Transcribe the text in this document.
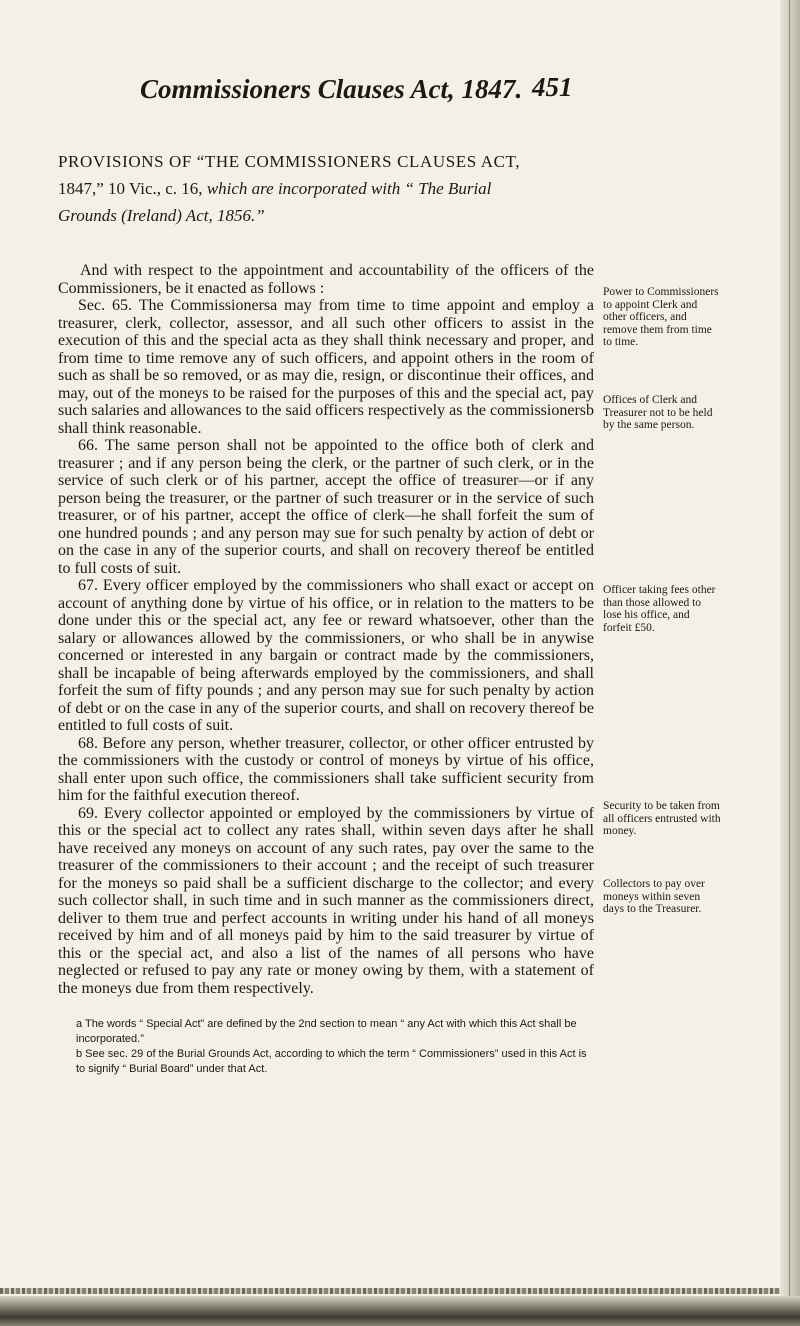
Commissioners Clauses Act, 1847. 451
PROVISIONS OF “THE COMMISSIONERS CLAUSES ACT,
1847,” 10 Vic., c. 16, which are incorporated with “ The Burial
Grounds (Ireland) Act, 1856.”

And with respect to the appointment and accountability of the officers of the Commissioners, be it enacted as follows :

Sec. 65. The Commissionersa may from time to time appoint and employ a treasurer, clerk, collector, assessor, and all such other officers to assist in the execution of this and the special acta as they shall think necessary and proper, and from time to time remove any of such officers, and appoint others in the room of such as shall be so removed, or as may die, resign, or discontinue their offices, and may, out of the moneys to be raised for the purposes of this and the special act, pay such salaries and allowances to the said officers respectively as the commissionersb shall think reasonable.

66. The same person shall not be appointed to the office both of clerk and treasurer ; and if any person being the clerk, or the partner of such clerk, or in the service of such clerk or of his partner, accept the office of treasurer—or if any person being the treasurer, or the partner of such treasurer or in the service of such treasurer, or of his partner, accept the office of clerk—he shall forfeit the sum of one hundred pounds ; and any person may sue for such penalty by action of debt or on the case in any of the superior courts, and shall on recovery thereof be entitled to full costs of suit.

67. Every officer employed by the commissioners who shall exact or accept on account of anything done by virtue of his office, or in relation to the matters to be done under this or the special act, any fee or reward whatsoever, other than the salary or allowances allowed by the commissioners, or who shall be in anywise concerned or interested in any bargain or contract made by the commissioners, shall be incapable of being afterwards employed by the commissioners, and shall forfeit the sum of fifty pounds ; and any person may sue for such penalty by action of debt or on the case in any of the superior courts, and shall on recovery thereof be entitled to full costs of suit.

68. Before any person, whether treasurer, collector, or other officer entrusted by the commissioners with the custody or control of moneys by virtue of his office, shall enter upon such office, the commissioners shall take sufficient security from him for the faithful execution thereof.

69. Every collector appointed or employed by the commissioners by virtue of this or the special act to collect any rates shall, within seven days after he shall have received any moneys on account of any such rates, pay over the same to the treasurer of the commissioners to their account ; and the receipt of such treasurer for the moneys so paid shall be a sufficient discharge to the collector; and every such collector shall, in such time and in such manner as the commissioners direct, deliver to them true and perfect accounts in writing under his hand of all moneys received by him and of all moneys paid by him to the said treasurer by virtue of this or the special act, and also a list of the names of all persons who have neglected or refused to pay any rate or money owing by them, with a statement of the moneys due from them respectively.

Power to Commissioners to appoint Clerk and other officers, and remove them from time to time.
Offices of Clerk and Treasurer not to be held by the same person.
Officer taking fees other than those allowed to lose his office, and forfeit £50.
Security to be taken from all officers entrusted with money.
Collectors to pay over moneys within seven days to the Treasurer.

a The words “ Special Act” are defined by the 2nd section to mean “ any Act with which this Act shall be incorporated.”

b See sec. 29 of the Burial Grounds Act, according to which the term “ Commissioners” used in this Act is to signify “ Burial Board” under that Act.
